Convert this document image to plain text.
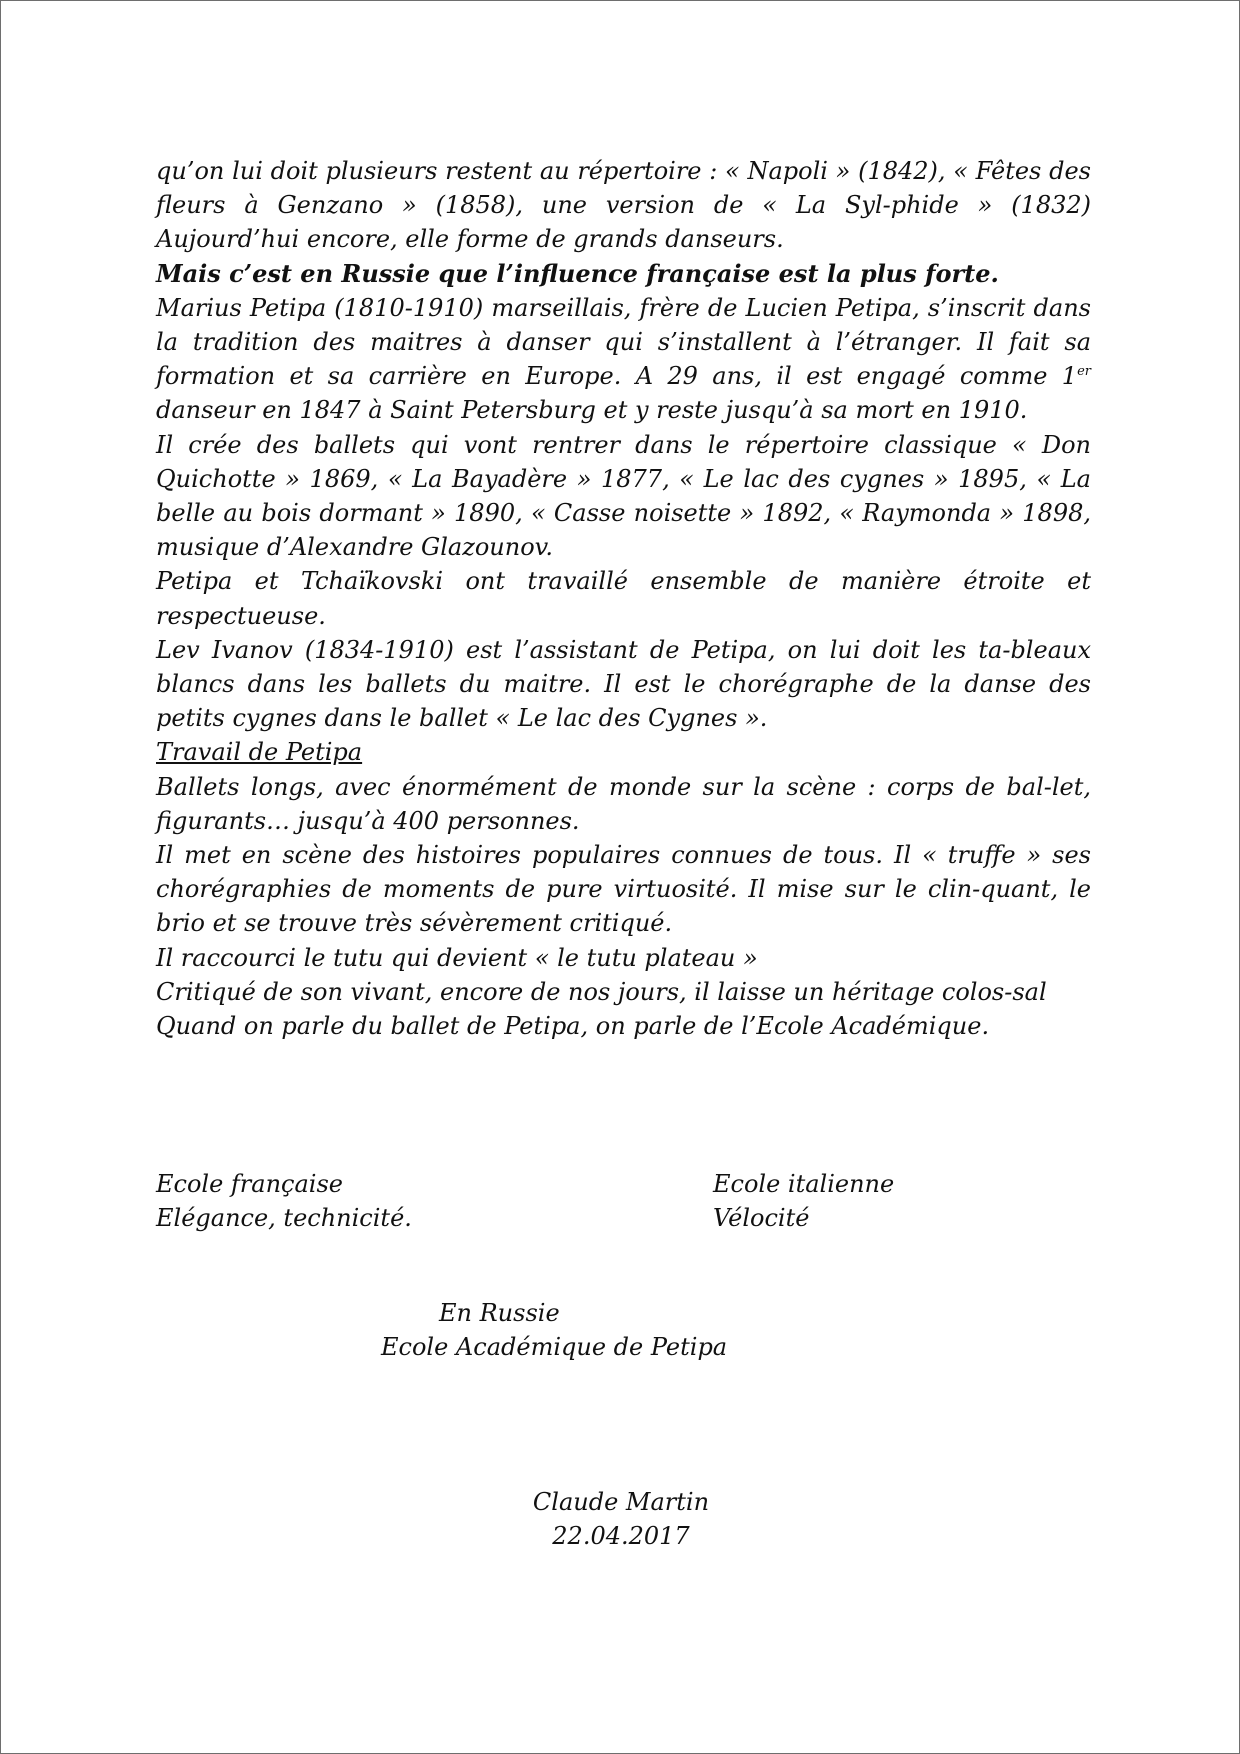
qu’on lui doit plusieurs restent au répertoire : « Napoli » (1842), « Fêtes des fleurs à Genzano » (1858), une version de « La Syl-phide » (1832) Aujourd’hui encore, elle forme de grands danseurs.

Mais c’est en Russie que l’influence française est la plus forte.

Marius Petipa (1810-1910) marseillais, frère de Lucien Petipa, s’inscrit dans la tradition des maitres à danser qui s’installent à l’étranger. Il fait sa formation et sa carrière en Europe. A 29 ans, il est engagé comme 1er danseur en 1847 à Saint Petersburg et y reste jusqu’à sa mort en 1910.

Il crée des ballets qui vont rentrer dans le répertoire classique « Don Quichotte » 1869, « La Bayadère » 1877, « Le lac des cygnes » 1895, « La belle au bois dormant » 1890, « Casse noisette » 1892, « Raymonda » 1898, musique d’Alexandre Glazounov.

Petipa et Tchaïkovski ont travaillé ensemble de manière étroite et respectueuse.

Lev Ivanov (1834-1910) est l’assistant de Petipa, on lui doit les ta-bleaux blancs dans les ballets du maitre. Il est le chorégraphe de la danse des petits cygnes dans le ballet « Le lac des Cygnes ».

Travail de Petipa

Ballets longs, avec énormément de monde sur la scène : corps de bal-let, figurants… jusqu’à 400 personnes.

Il met en scène des histoires populaires connues de tous. Il « truffe » ses chorégraphies de moments de pure virtuosité. Il mise sur le clin-quant, le brio et se trouve très sévèrement critiqué.

Il raccourci le tutu qui devient « le tutu plateau »

Critiqué de son vivant, encore de nos jours, il laisse un héritage colos-sal

Quand on parle du ballet de Petipa, on parle de l’Ecole Académique.

Ecole française
Elégance, technicité.
Ecole italienne
Vélocité
En Russie
Ecole Académique de Petipa
Claude Martin
22.04.2017
